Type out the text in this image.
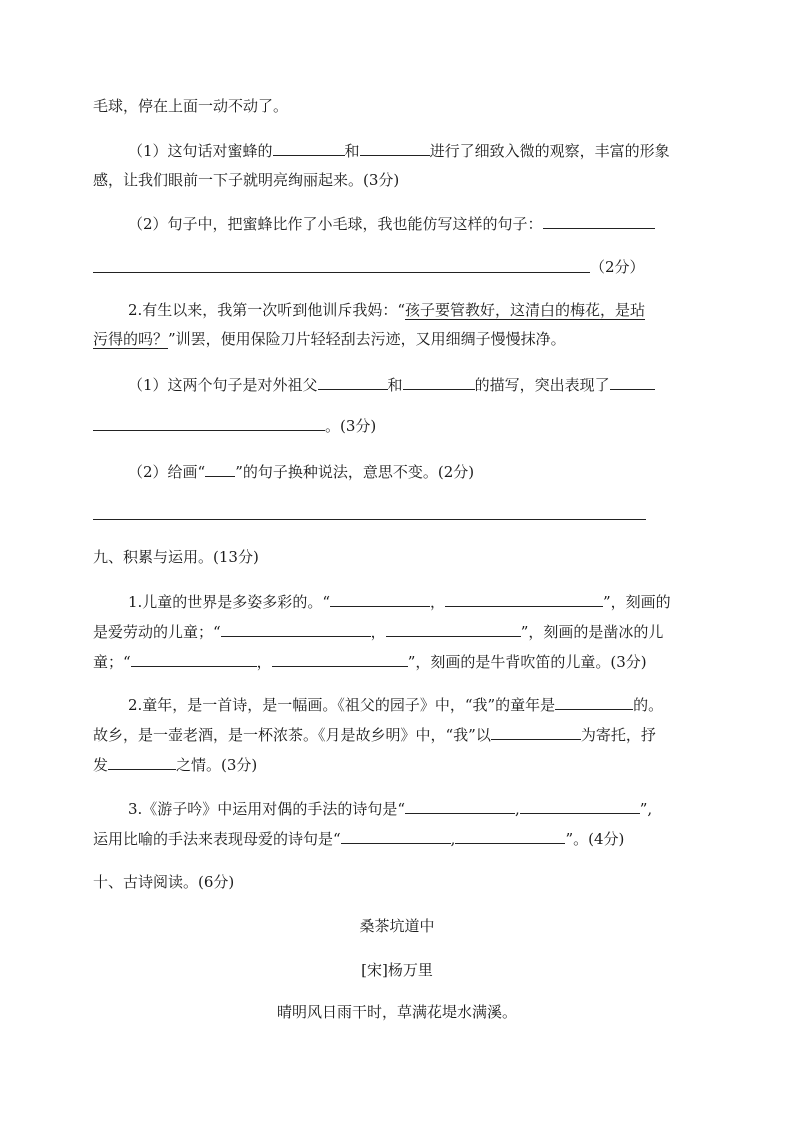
毛球，停在上面一动不动了。
（1）这句话对蜜蜂的	和	进行了细致入微的观察，丰富的形象
感，让我们眼前一下子就明亮绚丽起来。(3分)
（2）句子中，把蜜蜂比作了小毛球，我也能仿写这样的句子：
（2分）
2.有生以来，我第一次听到他训斥我妈：“孩子要管教好，这清白的梅花，是玷
污得的吗？”训罢，便用保险刀片轻轻刮去污迹，又用细绸子慢慢抹净。
（1）这两个句子是对外祖父	和	的描写，突出表现了
。(3分)
（2）给画“ ”的句子换种说法，意思不变。(2分)
九、积累与运用。(13分)
1.儿童的世界是多姿多彩的。“	，	”，刻画的
是爱劳动的儿童；“	，	”，刻画的是凿冰的儿
童；“	，	”，刻画的是牛背吹笛的儿童。(3分)
2.童年，是一首诗，是一幅画。《祖父的园子》中，“我”的童年是	的。
故乡，是一壶老酒，是一杯浓茶。《月是故乡明》中，“我”以	为寄托，抒
发	之情。(3分)
3.《游子吟》中运用对偶的手法的诗句是“	,	”,
运用比喻的手法来表现母爱的诗句是“	,	”。(4分)
十、古诗阅读。(6分)
桑茶坑道中
[宋]杨万里
晴明风日雨干时，草满花堤水满溪。
